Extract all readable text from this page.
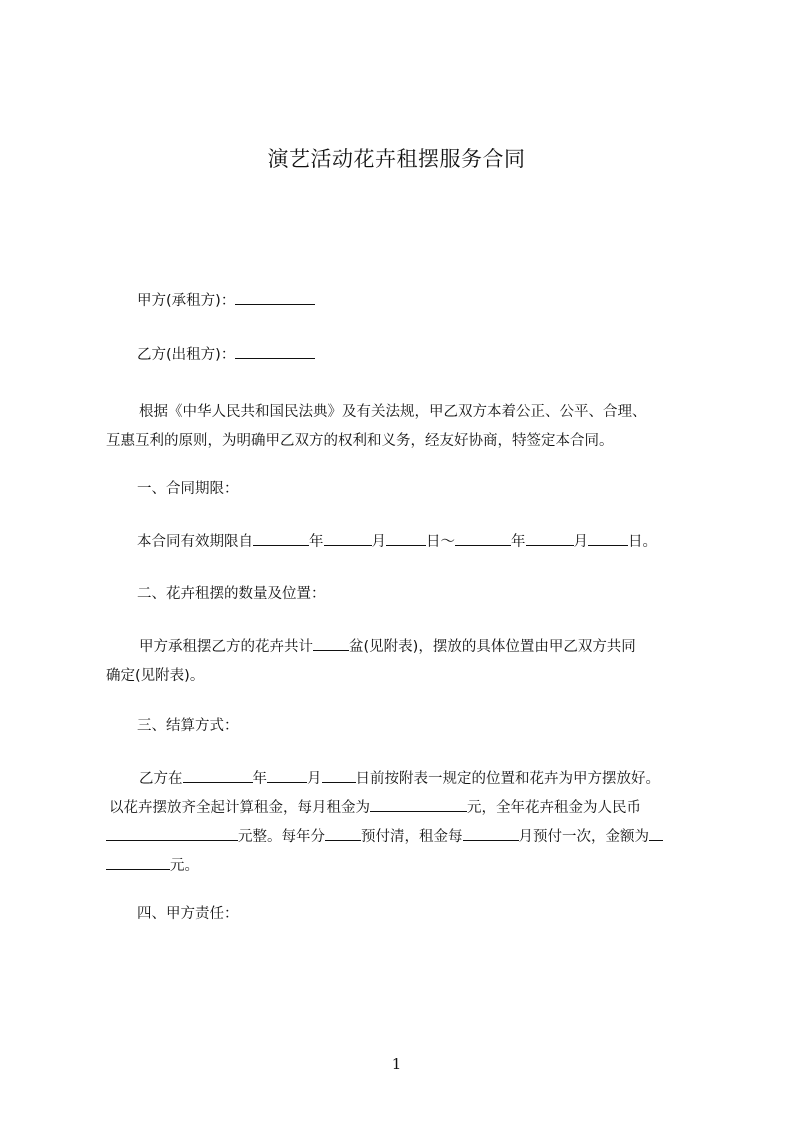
演艺活动花卉租摆服务合同
甲方(承租方)：
乙方(出租方)：
根据《中华人民共和国民法典》及有关法规，甲乙双方本着公正、公平、合理、
互惠互利的原则，为明确甲乙双方的权利和义务，经友好协商，特签定本合同。
一、合同期限：
本合同有效期限自	年	月	日～	年	月	日。
二、花卉租摆的数量及位置：
甲方承租摆乙方的花卉共计 盆(见附表)，摆放的具体位置由甲乙双方共同
确定(见附表)。
三、结算方式：
乙方在	年	月 日前按附表一规定的位置和花卉为甲方摆放好。
以花卉摆放齐全起计算租金，每月租金为	元，全年花卉租金为人民币
元整。每年分 预付清，租金每	月预付一次，金额为
元。
四、甲方责任：
1
